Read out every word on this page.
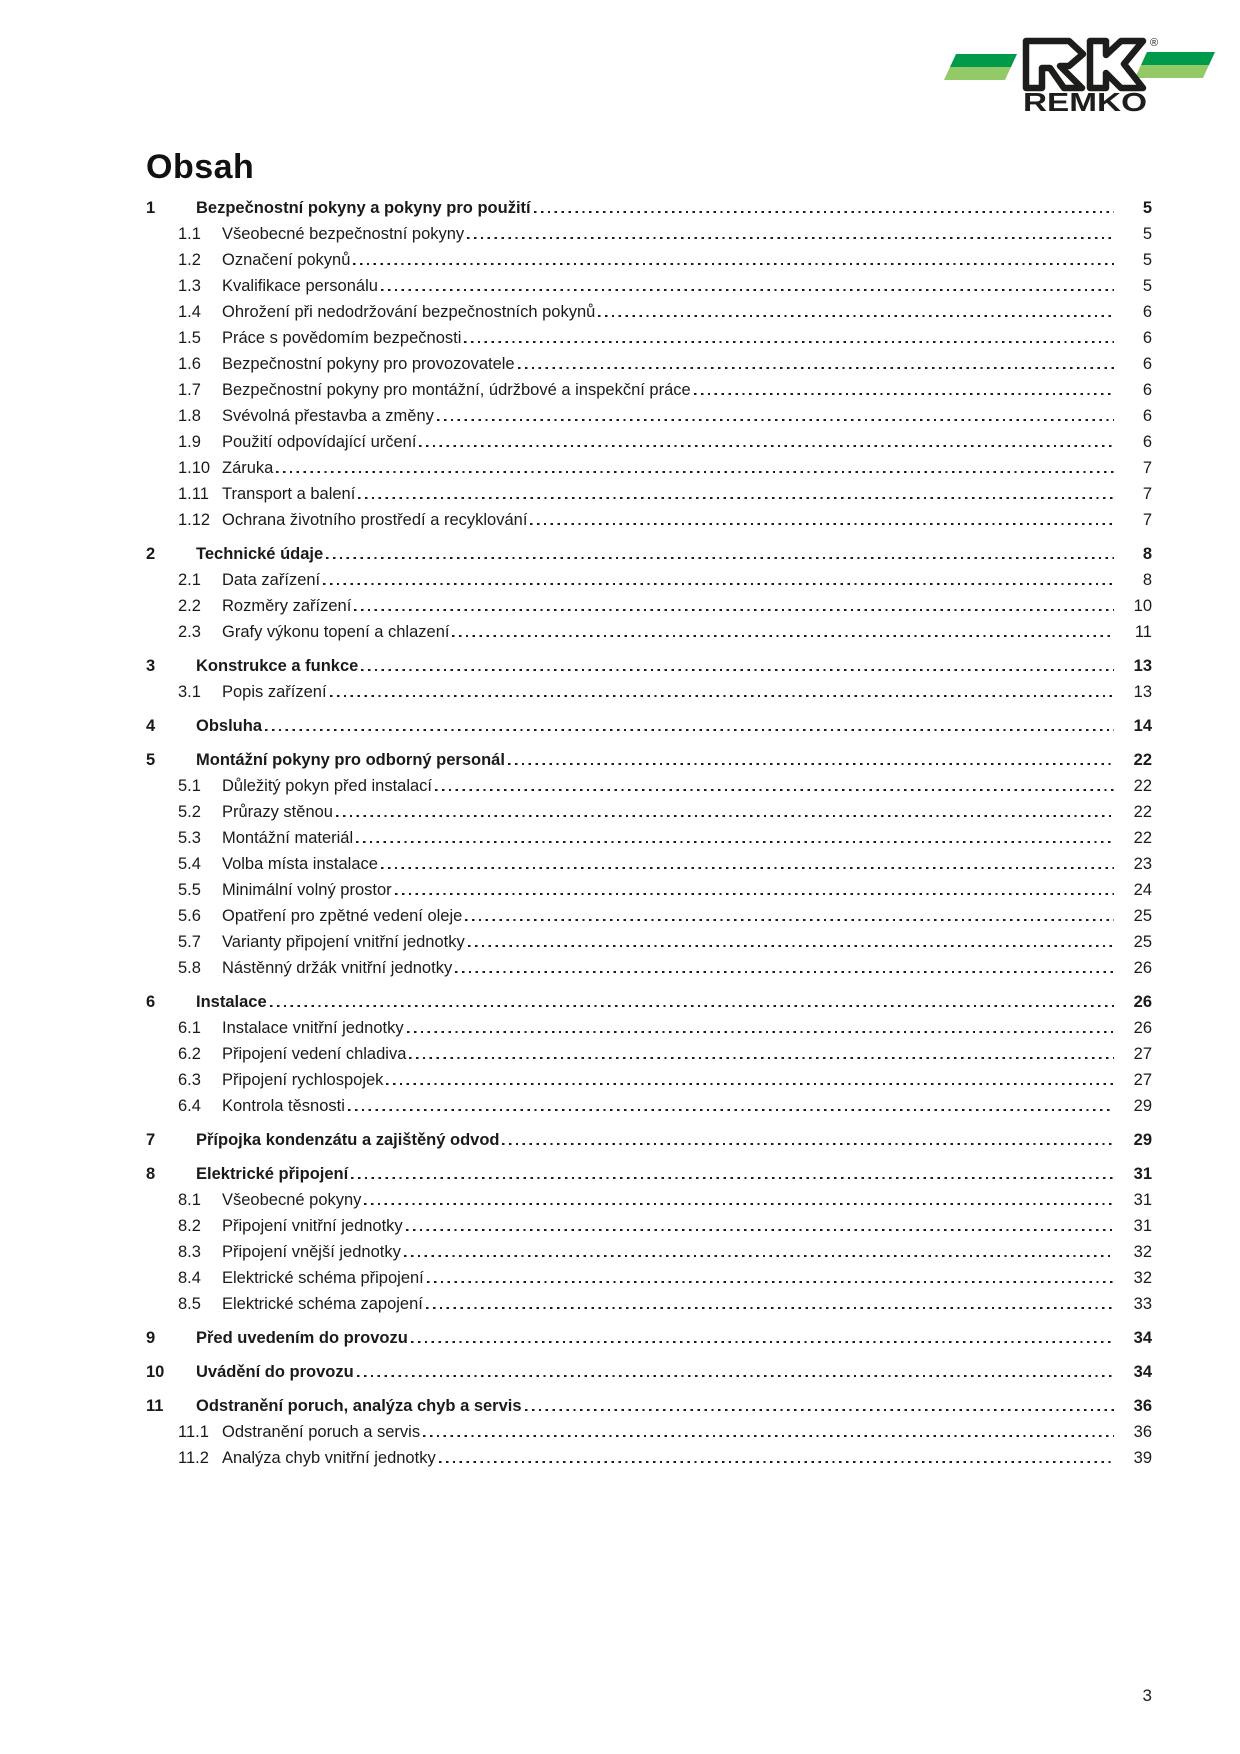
®
REMKO
Obsah
1	Bezpečnostní pokyny a pokyny pro použití	5
1.1	Všeobecné bezpečnostní pokyny	5
1.2	Označení pokynů	5
1.3	Kvalifikace personálu	5
1.4	Ohrožení při nedodržování bezpečnostních pokynů	6
1.5	Práce s povědomím bezpečnosti	6
1.6	Bezpečnostní pokyny pro provozovatele	6
1.7	Bezpečnostní pokyny pro montážní, údržbové a inspekční práce	6
1.8	Svévolná přestavba a změny	6
1.9	Použití odpovídající určení	6
1.10 Záruka	7
1.11 Transport a balení	7
1.12 Ochrana životního prostředí a recyklování	7
2	Technické údaje	8
2.1	Data zařízení	8
2.2	Rozměry zařízení	10
2.3	Grafy výkonu topení a chlazení	11
3	Konstrukce a funkce	13
3.1	Popis zařízení	13
4	Obsluha	14
5	Montážní pokyny pro odborný personál	22
5.1	Důležitý pokyn před instalací	22
5.2	Průrazy stěnou	22
5.3	Montážní materiál	22
5.4	Volba místa instalace	23
5.5	Minimální volný prostor	24
5.6	Opatření pro zpětné vedení oleje	25
5.7	Varianty připojení vnitřní jednotky	25
5.8	Nástěnný držák vnitřní jednotky	26
6	Instalace	26
6.1	Instalace vnitřní jednotky	26
6.2	Připojení vedení chladiva	27
6.3	Připojení rychlospojek	27
6.4	Kontrola těsnosti	29
7	Přípojka kondenzátu a zajištěný odvod	29
8	Elektrické připojení	31
8.1	Všeobecné pokyny	31
8.2	Připojení vnitřní jednotky	31
8.3	Připojení vnější jednotky	32
8.4	Elektrické schéma připojení	32
8.5	Elektrické schéma zapojení	33
9	Před uvedením do provozu	34
10	Uvádění do provozu	34
11	Odstranění poruch, analýza chyb a servis	36
11.1 Odstranění poruch a servis	36
11.2 Analýza chyb vnitřní jednotky	39
3
